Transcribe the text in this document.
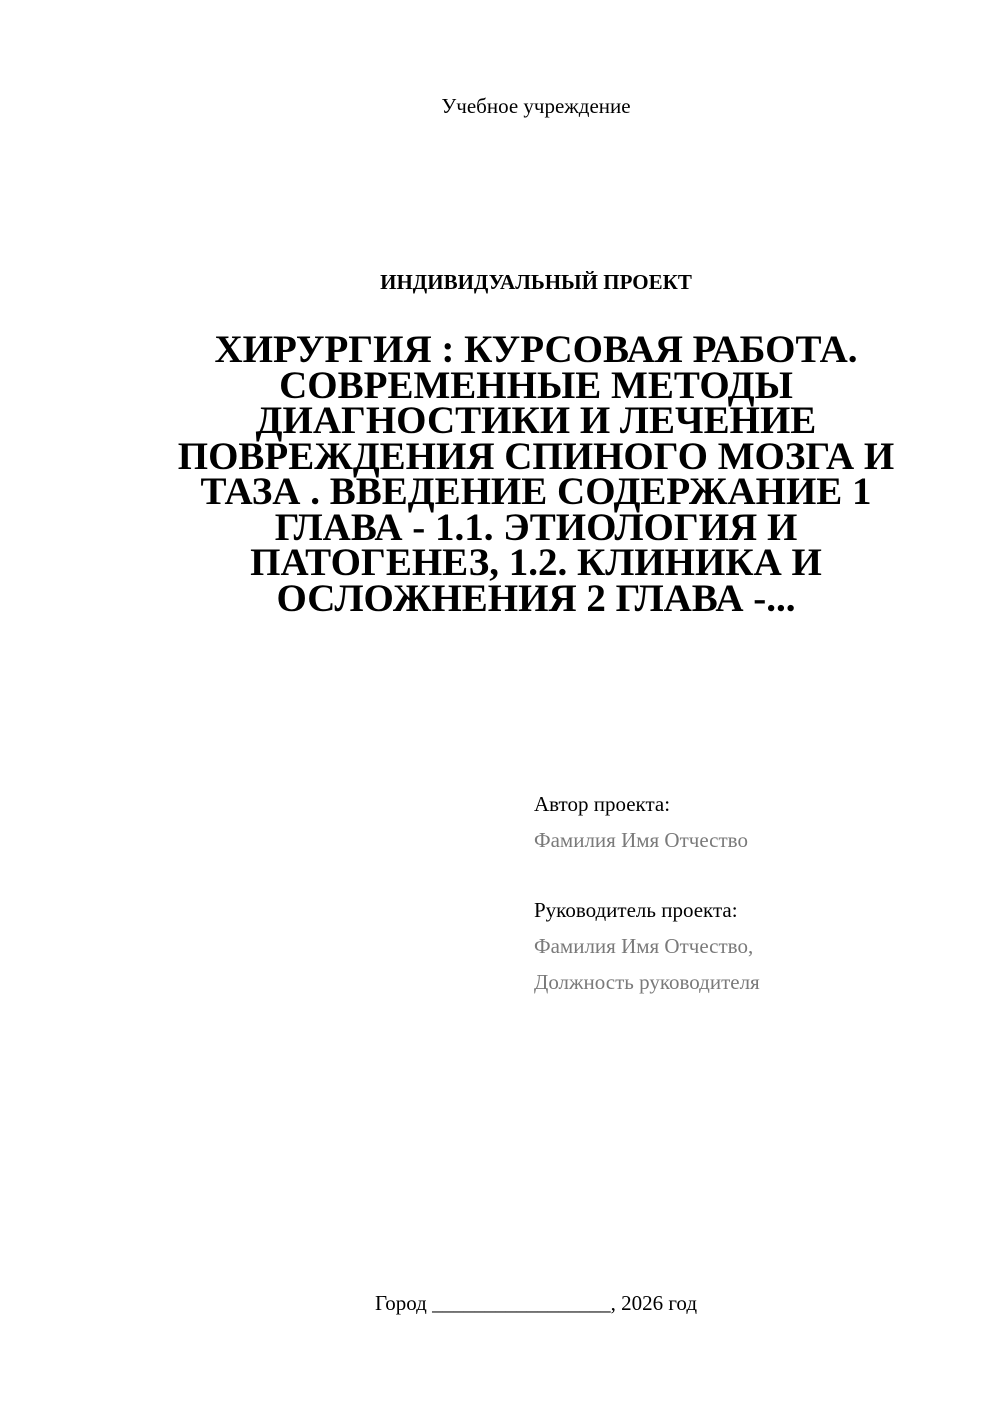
Учебное учреждение
ИНДИВИДУАЛЬНЫЙ ПРОЕКТ
ХИРУРГИЯ : КУРСОВАЯ РАБОТА. СОВРЕМЕННЫЕ МЕТОДЫ ДИАГНОСТИКИ И ЛЕЧЕНИЕ ПОВРЕЖДЕНИЯ СПИНОГО МОЗГА И ТАЗА . ВВЕДЕНИЕ СОДЕРЖАНИЕ 1 ГЛАВА - 1.1. ЭТИОЛОГИЯ И ПАТОГЕНЕЗ, 1.2. КЛИНИКА И ОСЛОЖНЕНИЯ 2 ГЛАВА -...
Автор проекта:
Фамилия Имя Отчество
Руководитель проекта:
Фамилия Имя Отчество,
Должность руководителя
Город _________________, 2026 год
